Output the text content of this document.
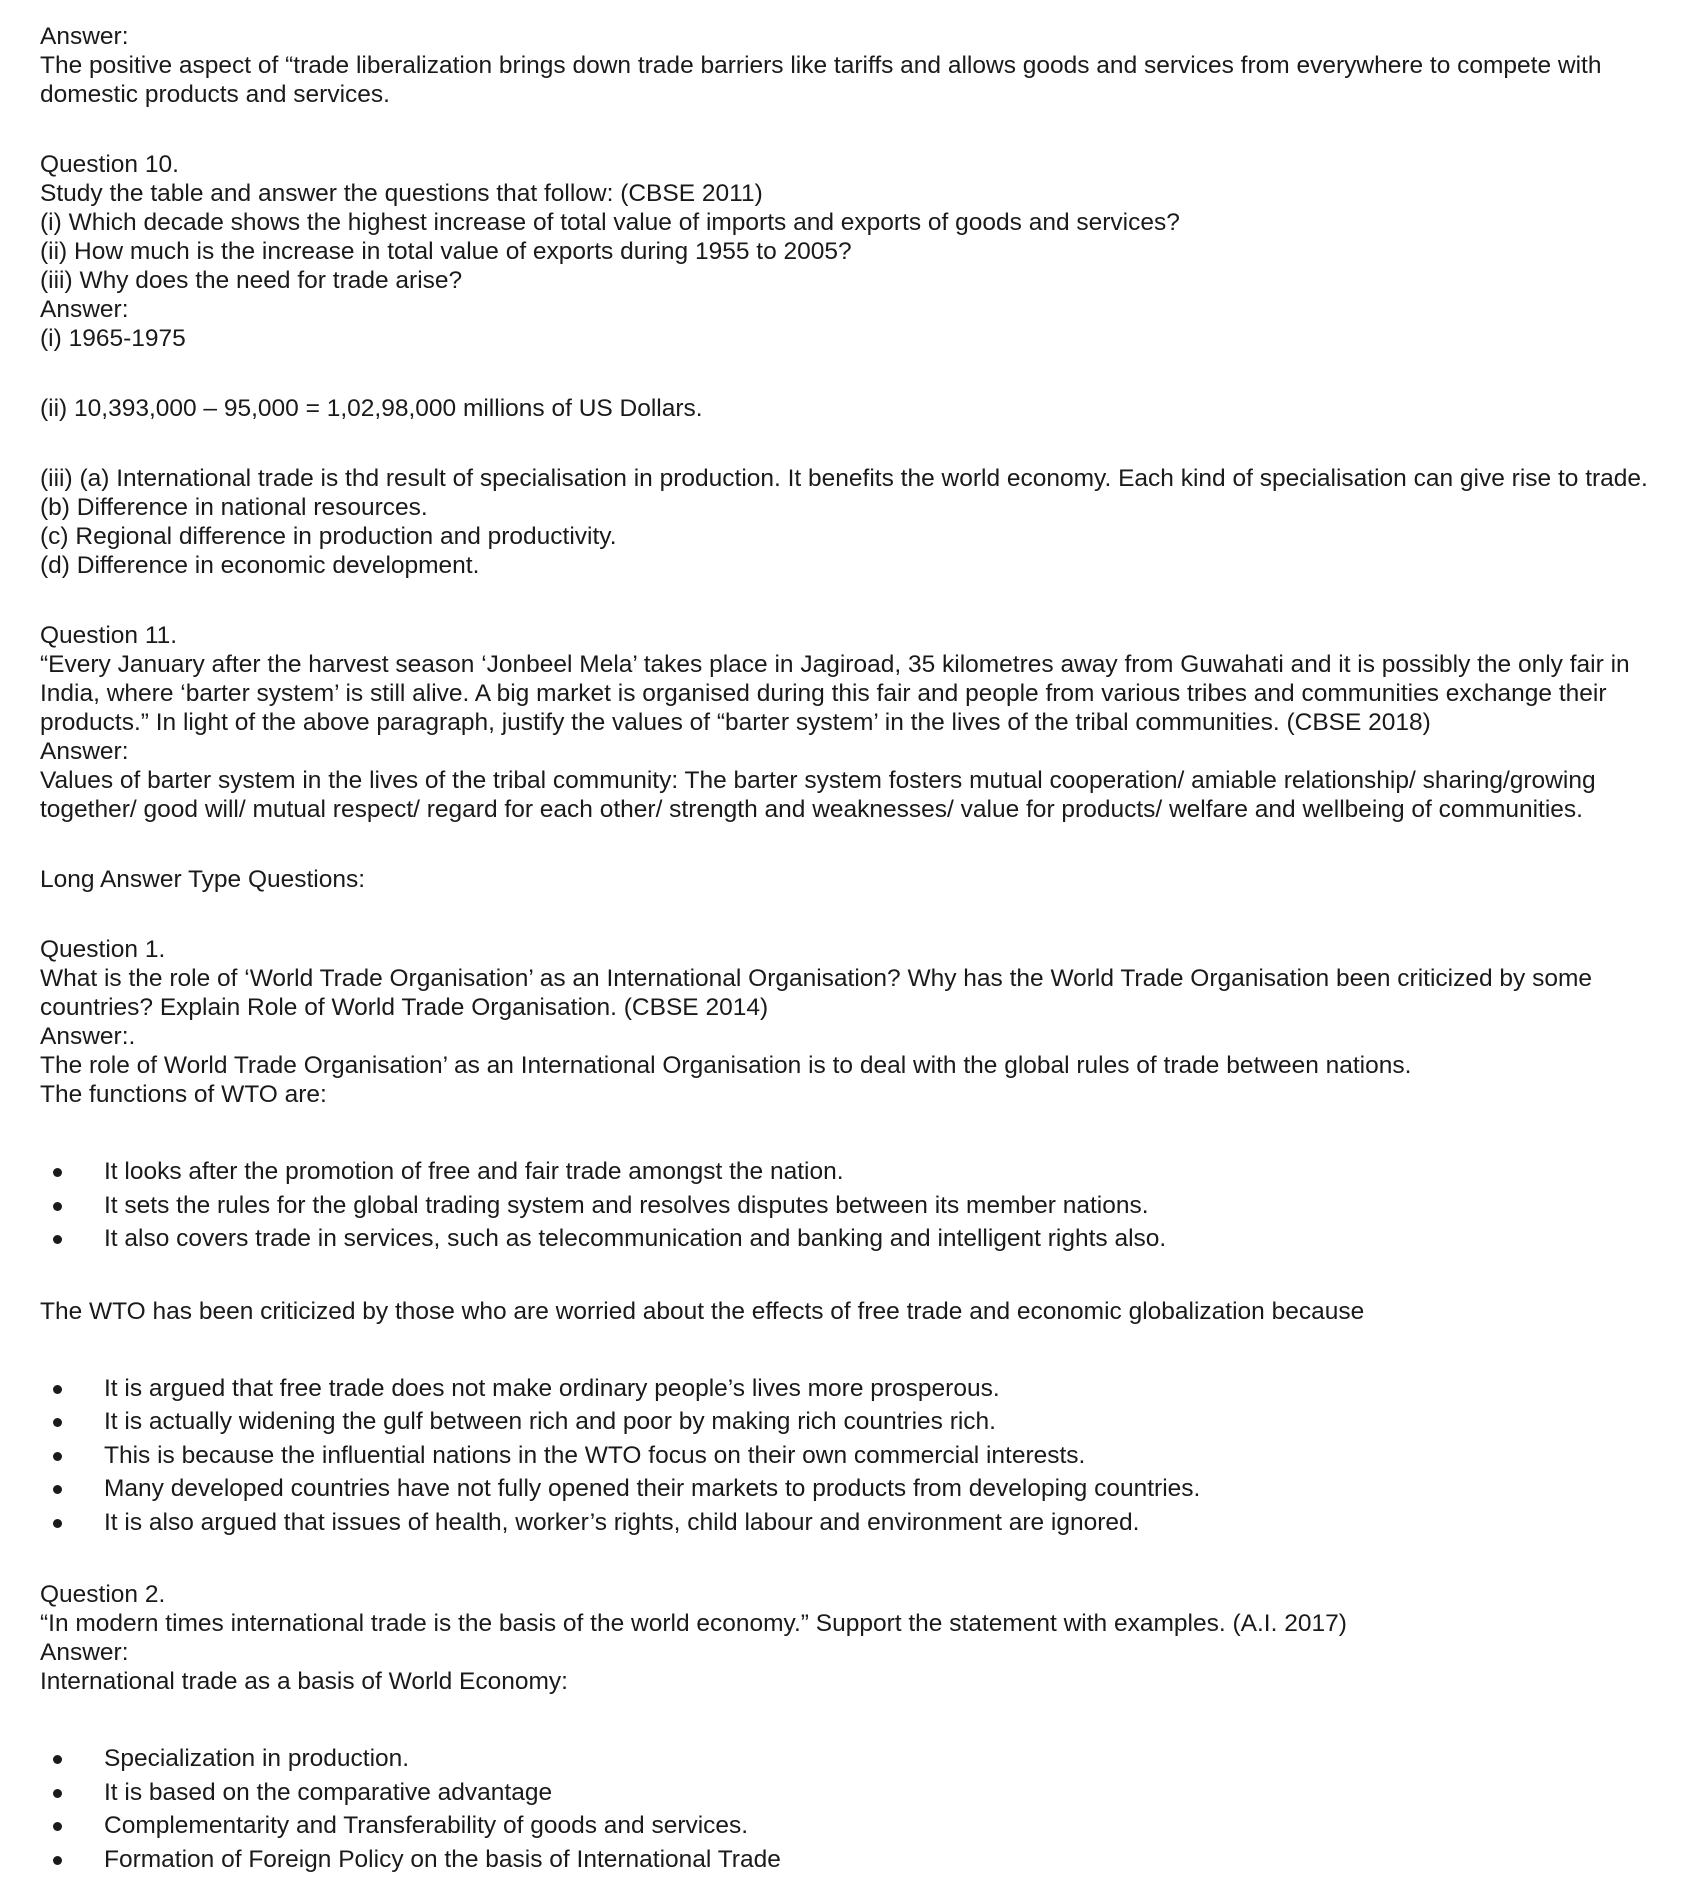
Answer:

The positive aspect of “trade liberalization brings down trade barriers like tariffs and allows goods and services from everywhere to compete with domestic products and services.

Question 10.

Study the table and answer the questions that follow: (CBSE 2011)

(i) Which decade shows the highest increase of total value of imports and exports of goods and services?

(ii) How much is the increase in total value of exports during 1955 to 2005?

(iii) Why does the need for trade arise?

Answer:

(i) 1965-1975

(ii) 10,393,000 – 95,000 = 1,02,98,000 millions of US Dollars.

(iii) (a) International trade is thd result of specialisation in production. It benefits the world economy. Each kind of specialisation can give rise to trade.

(b) Difference in national resources.

(c) Regional difference in production and productivity.

(d) Difference in economic development.

Question 11.

“Every January after the harvest season ‘Jonbeel Mela’ takes place in Jagiroad, 35 kilometres away from Guwahati and it is possibly the only fair in India, where ‘barter system’ is still alive. A big market is organised during this fair and people from various tribes and communities exchange their products.” In light of the above paragraph, justify the values of “barter system’ in the lives of the tribal communities. (CBSE 2018)

Answer:

Values of barter system in the lives of the tribal community: The barter system fosters mutual cooperation/ amiable relationship/ sharing/growing together/ good will/ mutual respect/ regard for each other/ strength and weaknesses/ value for products/ welfare and wellbeing of communities.

Long Answer Type Questions:

Question 1.

What is the role of ‘World Trade Organisation’ as an International Organisation? Why has the World Trade Organisation been criticized by some countries? Explain Role of World Trade Organisation. (CBSE 2014)

Answer:.

The role of World Trade Organisation’ as an International Organisation is to deal with the global rules of trade between nations.

The functions of WTO are:

It looks after the promotion of free and fair trade amongst the nation.
It sets the rules for the global trading system and resolves disputes between its member nations.
It also covers trade in services, such as telecommunication and banking and intelligent rights also.

The WTO has been criticized by those who are worried about the effects of free trade and economic globalization because

It is argued that free trade does not make ordinary people’s lives more prosperous.
It is actually widening the gulf between rich and poor by making rich countries rich.
This is because the influential nations in the WTO focus on their own commercial interests.
Many developed countries have not fully opened their markets to products from developing countries.
It is also argued that issues of health, worker’s rights, child labour and environment are ignored.

Question 2.

“In modern times international trade is the basis of the world economy.” Support the statement with examples. (A.I. 2017)

Answer:

International trade as a basis of World Economy:

Specialization in production.
It is based on the comparative advantage
Complementarity and Transferability of goods and services.
Formation of Foreign Policy on the basis of International Trade
